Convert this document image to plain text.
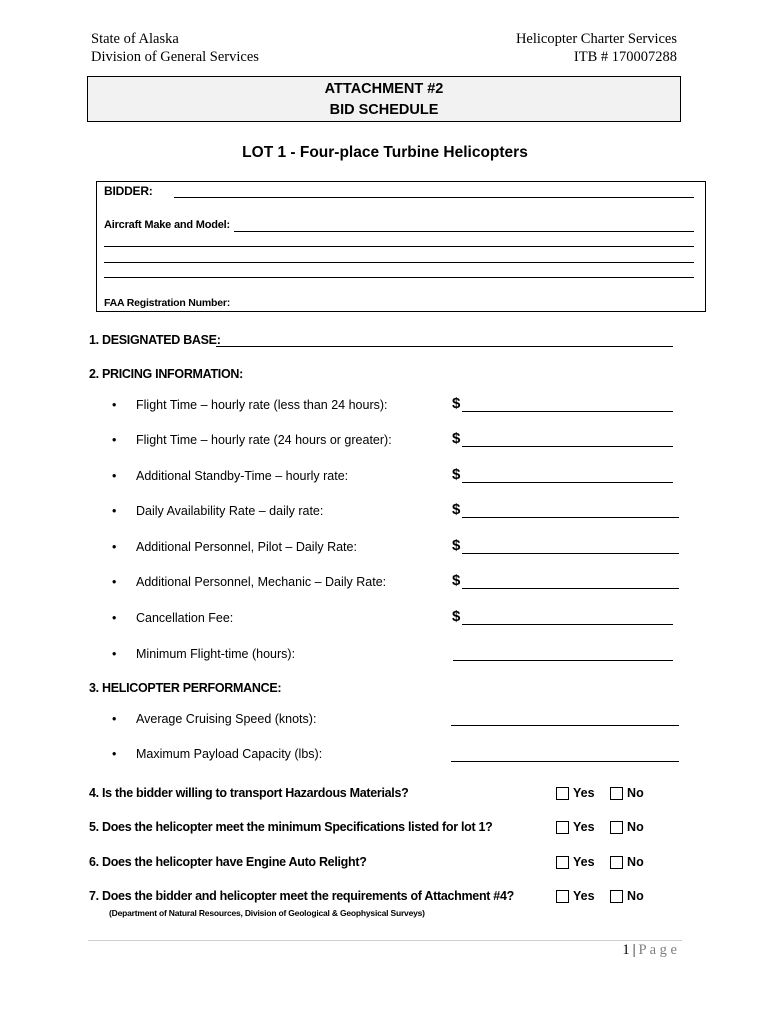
State of Alaska
Division of General Services
Helicopter Charter Services
ITB # 170007288
ATTACHMENT #2
BID SCHEDULE
LOT 1 - Four-place Turbine Helicopters
BIDDER:
Aircraft Make and Model:
FAA Registration Number:
1. DESIGNATED BASE:
2. PRICING INFORMATION:
• Flight Time – hourly rate (less than 24 hours):	$
• Flight Time – hourly rate (24 hours or greater):	$
• Additional Standby-Time – hourly rate:	$
• Daily Availability Rate – daily rate:	$
• Additional Personnel, Pilot – Daily Rate:	$
• Additional Personnel, Mechanic – Daily Rate:	$
• Cancellation Fee:	$
• Minimum Flight-time (hours):
3. HELICOPTER PERFORMANCE:
• Average Cruising Speed (knots):
• Maximum Payload Capacity (lbs):
4. Is the bidder willing to transport Hazardous Materials?	Yes	No
5. Does the helicopter meet the minimum Specifications listed for lot 1?	Yes	No
6. Does the helicopter have Engine Auto Relight?	Yes	No
7. Does the bidder and helicopter meet the requirements of Attachment #4?	Yes	No
(Department of Natural Resources, Division of Geological & Geophysical Surveys)
1 | P a g e
